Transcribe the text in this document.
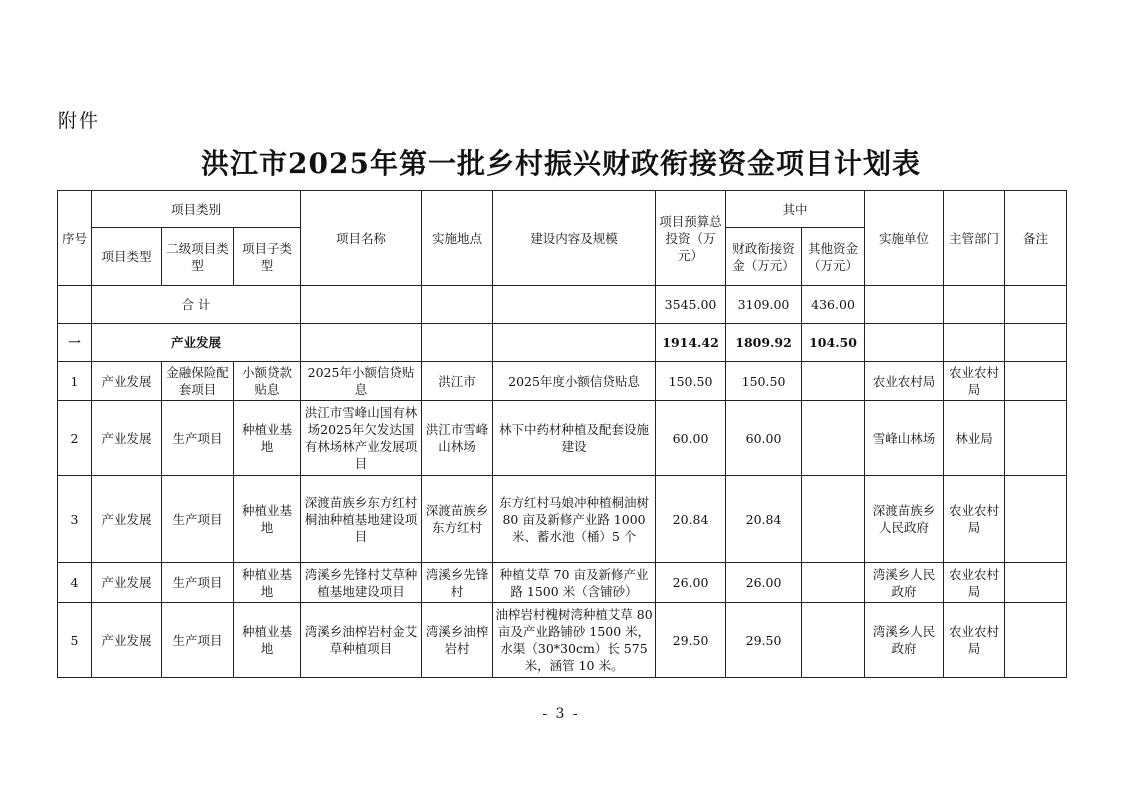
附件
洪江市2025年第一批乡村振兴财政衔接资金项目计划表
序号	项目类别			项目名称	实施地点	建设内容及规模	项目预算总投资（万元）	其中		实施单位	主管部门	备注
	项目类型	二级项目类型	项目子类型					财政衔接资金（万元）	其他资金（万元）			
	合 计						3545.00	3109.00	436.00			
一	产业发展						1914.42	1809.92	104.50			
1	产业发展	金融保险配套项目	小额贷款贴息	2025年小额信贷贴息	洪江市	2025年度小额信贷贴息	150.50	150.50		农业农村局	农业农村局	
2	产业发展	生产项目	种植业基地	洪江市雪峰山国有林场2025年欠发达国有林场林产业发展项目	洪江市雪峰山林场	林下中药材种植及配套设施建设	60.00	60.00		雪峰山林场	林业局	
3	产业发展	生产项目	种植业基地	深渡苗族乡东方红村桐油种植基地建设项目	深渡苗族乡东方红村	东方红村马娘冲种植桐油树 80 亩及新修产业路 1000 米、蓄水池（桶）5 个	20.84	20.84		深渡苗族乡人民政府	农业农村局	
4	产业发展	生产项目	种植业基地	湾溪乡先锋村艾草种植基地建设项目	湾溪乡先锋村	种植艾草 70 亩及新修产业路 1500 米（含铺砂）	26.00	26.00		湾溪乡人民政府	农业农村局	
5	产业发展	生产项目	种植业基地	湾溪乡油榨岩村金艾草种植项目	湾溪乡油榨岩村	油榨岩村槐树湾种植艾草 80 亩及产业路铺砂 1500 米，水渠（30*30cm）长 575 米，涵管 10 米。	29.50	29.50		湾溪乡人民政府	农业农村局	
- 3 -
